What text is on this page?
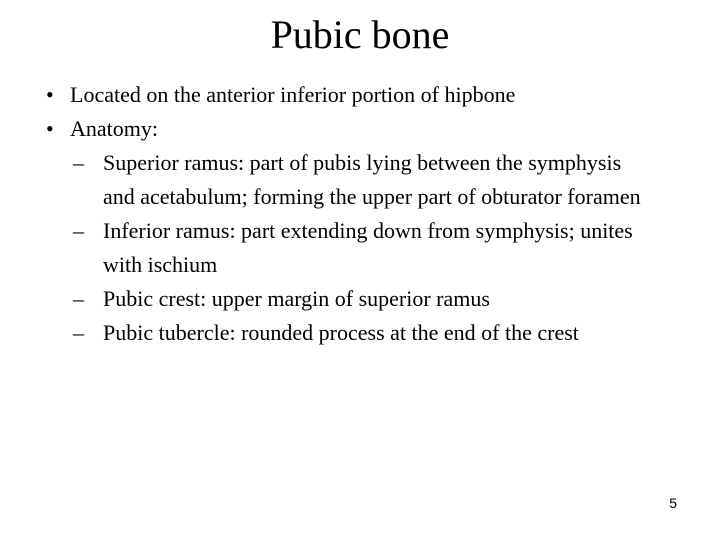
Pubic bone
• Located on the anterior inferior portion of hipbone
• Anatomy:
– Superior ramus: part of pubis lying between the symphysis
and acetabulum; forming the upper part of obturator foramen
– Inferior ramus: part extending down from symphysis; unites
with ischium
– Pubic crest: upper margin of superior ramus
– Pubic tubercle: rounded process at the end of the crest
5
